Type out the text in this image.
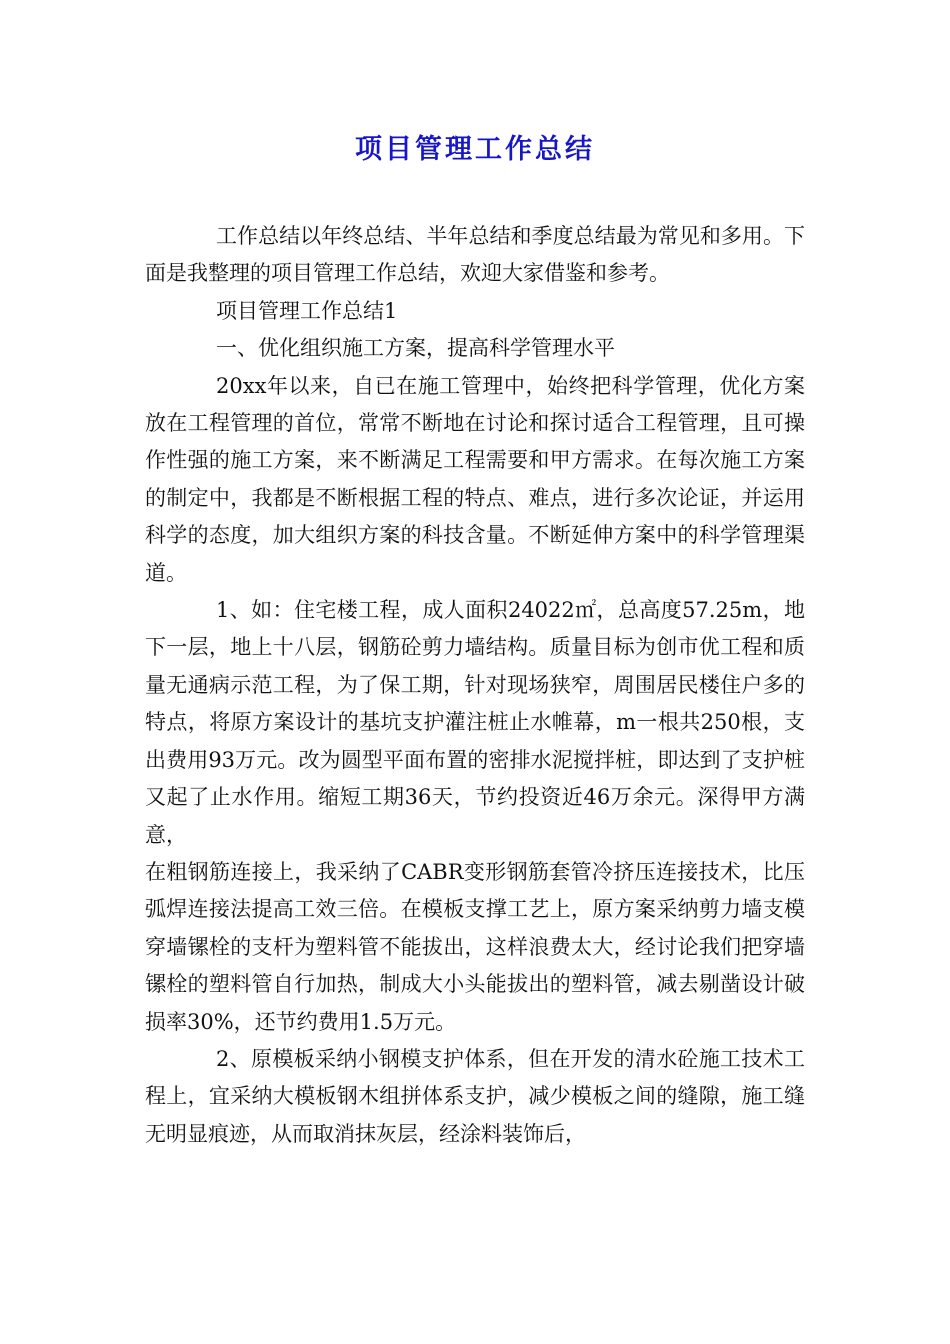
项目管理工作总结

工作总结以年终总结、半年总结和季度总结最为常见和多用。下面是我整理的项目管理工作总结，欢迎大家借鉴和参考。

项目管理工作总结1

一、优化组织施工方案，提高科学管理水平

20xx年以来，自已在施工管理中，始终把科学管理，优化方案放在工程管理的首位，常常不断地在讨论和探讨适合工程管理，且可操作性强的施工方案，来不断满足工程需要和甲方需求。在每次施工方案的制定中，我都是不断根据工程的特点、难点，进行多次论证，并运用科学的态度，加大组织方案的科技含量。不断延伸方案中的科学管理渠道。

1、如：住宅楼工程，成人面积24022㎡，总高度57.25m，地下一层，地上十八层，钢筋砼剪力墙结构。质量目标为创市优工程和质量无通病示范工程，为了保工期，针对现场狭窄，周围居民楼住户多的特点，将原方案设计的基坑支护灌注桩止水帷幕，m一根共250根，支出费用93万元。改为圆型平面布置的密排水泥搅拌桩，即达到了支护桩又起了止水作用。缩短工期36天，节约投资近46万余元。深得甲方满意，

在粗钢筋连接上，我采纳了CABR变形钢筋套管冷挤压连接技术，比压弧焊连接法提高工效三倍。在模板支撑工艺上，原方案采纳剪力墙支模穿墙镙栓的支杆为塑料管不能拔出，这样浪费太大，经讨论我们把穿墙镙栓的塑料管自行加热，制成大小头能拔出的塑料管，减去剔凿设计破损率30%，还节约费用1.5万元。

2、原模板采纳小钢模支护体系，但在开发的清水砼施工技术工程上，宜采纳大模板钢木组拼体系支护，减少模板之间的缝隙，施工缝无明显痕迹，从而取消抹灰层，经涂料装饰后，
